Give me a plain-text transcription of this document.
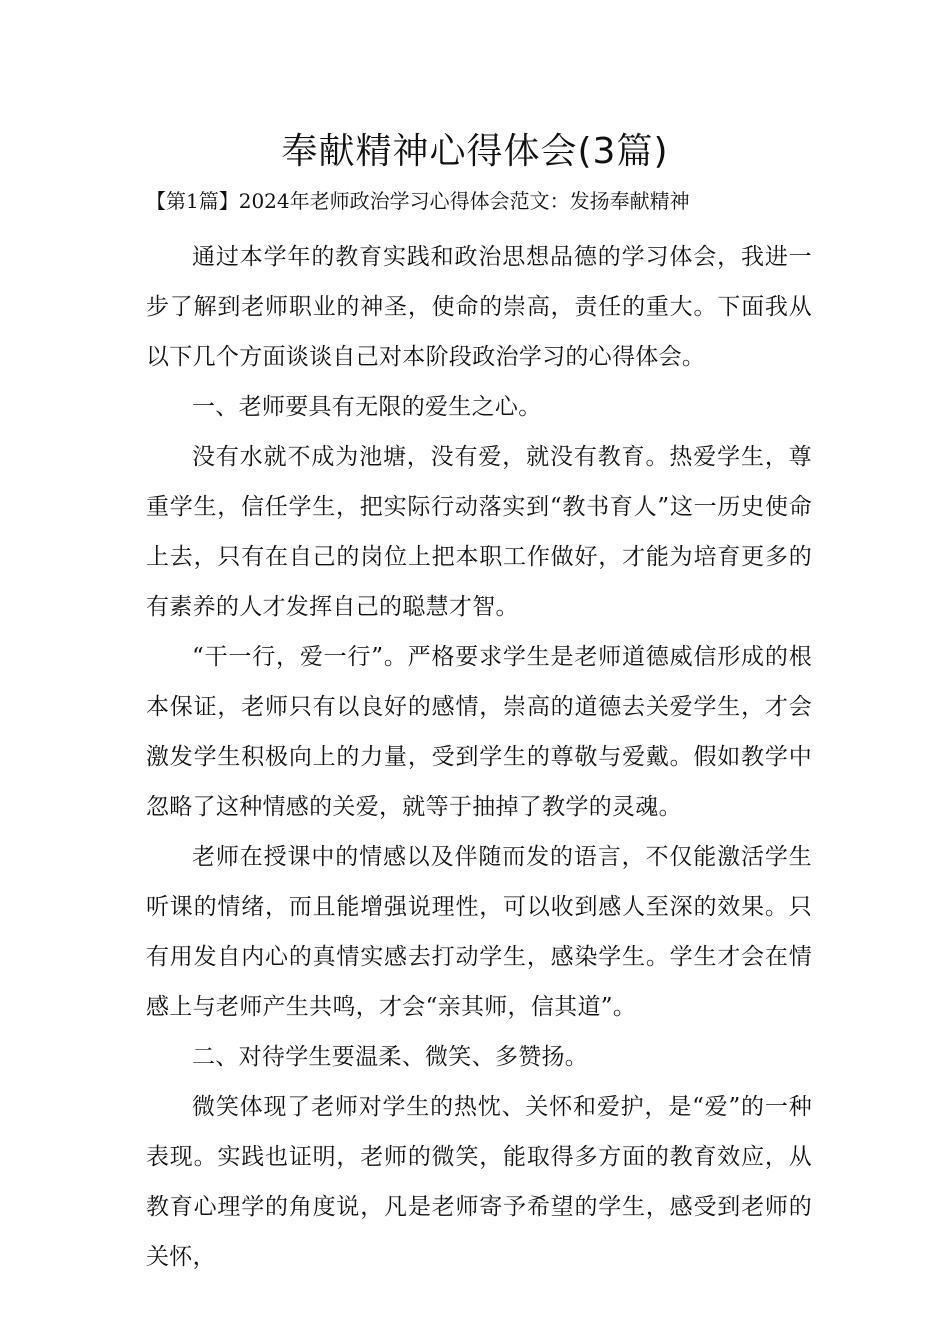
奉献精神心得体会(3篇)

【第1篇】2024年老师政治学习心得体会范文：发扬奉献精神

通过本学年的教育实践和政治思想品德的学习体会，我进一步了解到老师职业的神圣，使命的崇高，责任的重大。下面我从以下几个方面谈谈自己对本阶段政治学习的心得体会。

一、老师要具有无限的爱生之心。

没有水就不成为池塘，没有爱，就没有教育。热爱学生，尊重学生，信任学生，把实际行动落实到“教书育人”这一历史使命上去，只有在自己的岗位上把本职工作做好，才能为培育更多的有素养的人才发挥自己的聪慧才智。

“干一行，爱一行”。严格要求学生是老师道德威信形成的根本保证，老师只有以良好的感情，崇高的道德去关爱学生，才会激发学生积极向上的力量，受到学生的尊敬与爱戴。假如教学中忽略了这种情感的关爱，就等于抽掉了教学的灵魂。

老师在授课中的情感以及伴随而发的语言，不仅能激活学生听课的情绪，而且能增强说理性，可以收到感人至深的效果。只有用发自内心的真情实感去打动学生，感染学生。学生才会在情感上与老师产生共鸣，才会“亲其师，信其道”。

二、对待学生要温柔、微笑、多赞扬。

微笑体现了老师对学生的热忱、关怀和爱护，是“爱”的一种表现。实践也证明，老师的微笑，能取得多方面的教育效应，从教育心理学的角度说，凡是老师寄予希望的学生，感受到老师的关怀，
